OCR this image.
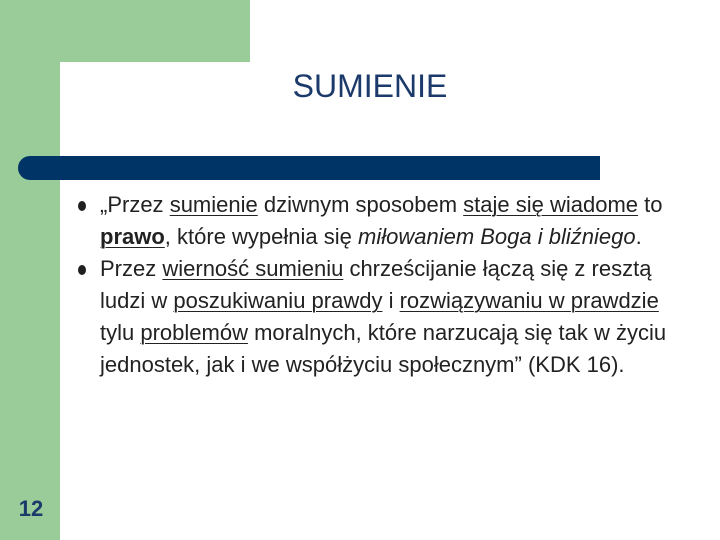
SUMIENIE
„Przez sumienie dziwnym sposobem staje się wiadome to prawo, które wypełnia się miłowaniem Boga i bliźniego.
Przez wierność sumieniu chrześcijanie łączą się z resztą ludzi w poszukiwaniu prawdy i rozwiązywaniu w prawdzie tylu problemów moralnych, które narzucają się tak w życiu jednostek, jak i we współżyciu społecznym” (KDK 16).
12
